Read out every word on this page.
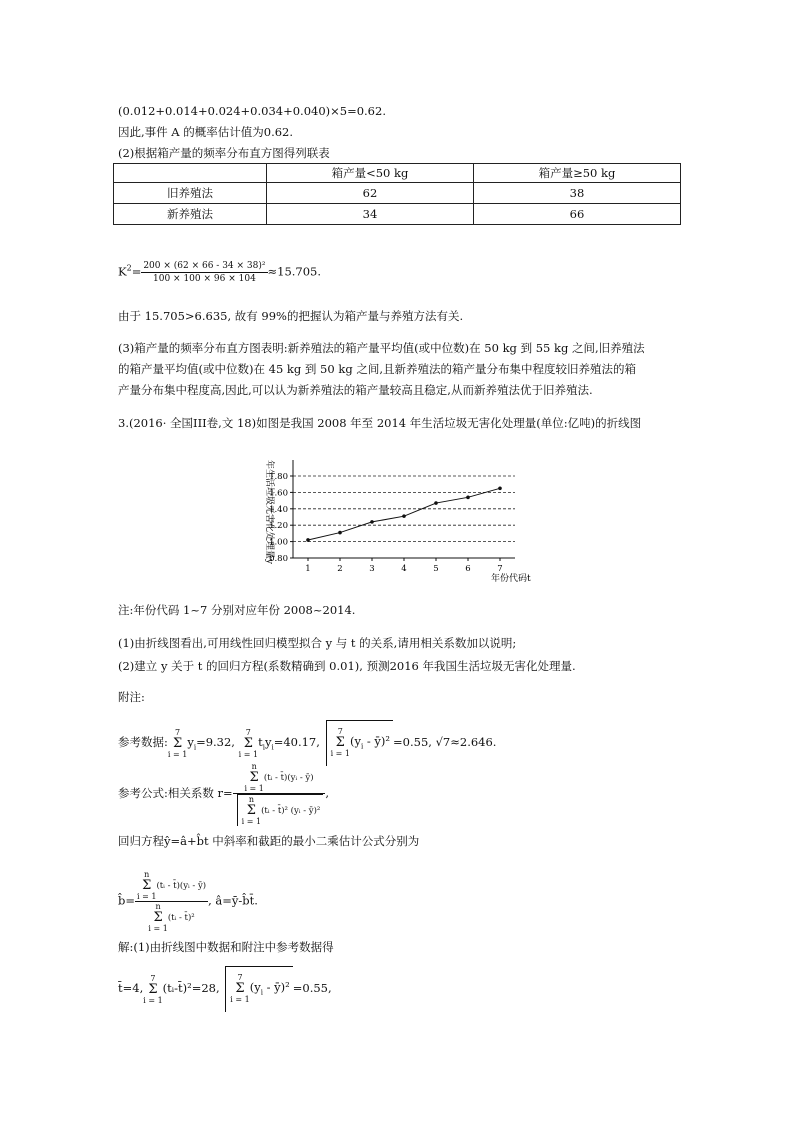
(0.012+0.014+0.024+0.034+0.040)×5=0.62.
因此,事件 A 的概率估计值为0.62.
(2)根据箱产量的频率分布直方图得列联表
	箱产量<50 kg	箱产量≥50 kg
旧养殖法	62	38
新养殖法	34	66
$K^2= \frac{\text{200 × (62 × 66 - 34 × 38)²}}{100 \times 100 \times 96 \times 104} \approx 15.705$.
由于 15.705>6.635, 故有 99%的把握认为箱产量与养殖方法有关.
(3)箱产量的频率分布直方图表明:新养殖法的箱产量平均值(或中位数)在 50 kg 到 55 kg 之间,旧养殖法
的箱产量平均值(或中位数)在 45 kg 到 50 kg 之间,且新养殖法的箱产量分布集中程度较旧养殖法的箱
产量分布集中程度高,因此,可以认为新养殖法的箱产量较高且稳定,从而新养殖法优于旧养殖法.
3.(2016· 全国III卷,文 18)如图是我国 2008 年至 2014 年生活垃圾无害化处理量(单位:亿吨)的折线图
年生活垃圾无害化处理量y
年份代码t
0.80
1.00
1.20
1.40
1.60
1.80
1	2	3	4	5	6	7
注:年份代码 1~7 分别对应年份 2008~2014.
(1)由折线图看出,可用线性回归模型拟合 y 与 t 的关系,请用相关系数加以说明;
(2)建立 y 关于 t 的回归方程(系数精确到 0.01), 预测2016 年我国生活垃圾无害化处理量.
附注:
参考数据:7
Σ
$i = 1y_i=9.32$, 7
Σ
$i = 1t_iy_i=40.17$, 7
Σ
$i = 1(y_i$ - ȳ)² =0.55, √7≈2.646.
参考公式:相关系数 r= n
Σ
i = 1(tᵢ - t̄)(yᵢ - ȳ)
n
Σ
i = 1(tᵢ - t̄)² (yᵢ - ȳ)² ,
回归方程ŷ=â+b̂t 中斜率和截距的最小二乘估计公式分别为
b̂= n
Σ
i = 1(tᵢ - t̄)(yᵢ - ȳ)
n
Σ
i = 1(tᵢ - t̄)² , â=ȳ-b̂t̄.
解:(1)由折线图中数据和附注中参考数据得
t̄=4,7
Σ
i = 1(tᵢ-t̄)²=28, 7
Σ
$i = 1(y_i$ - ȳ)² =0.55,
